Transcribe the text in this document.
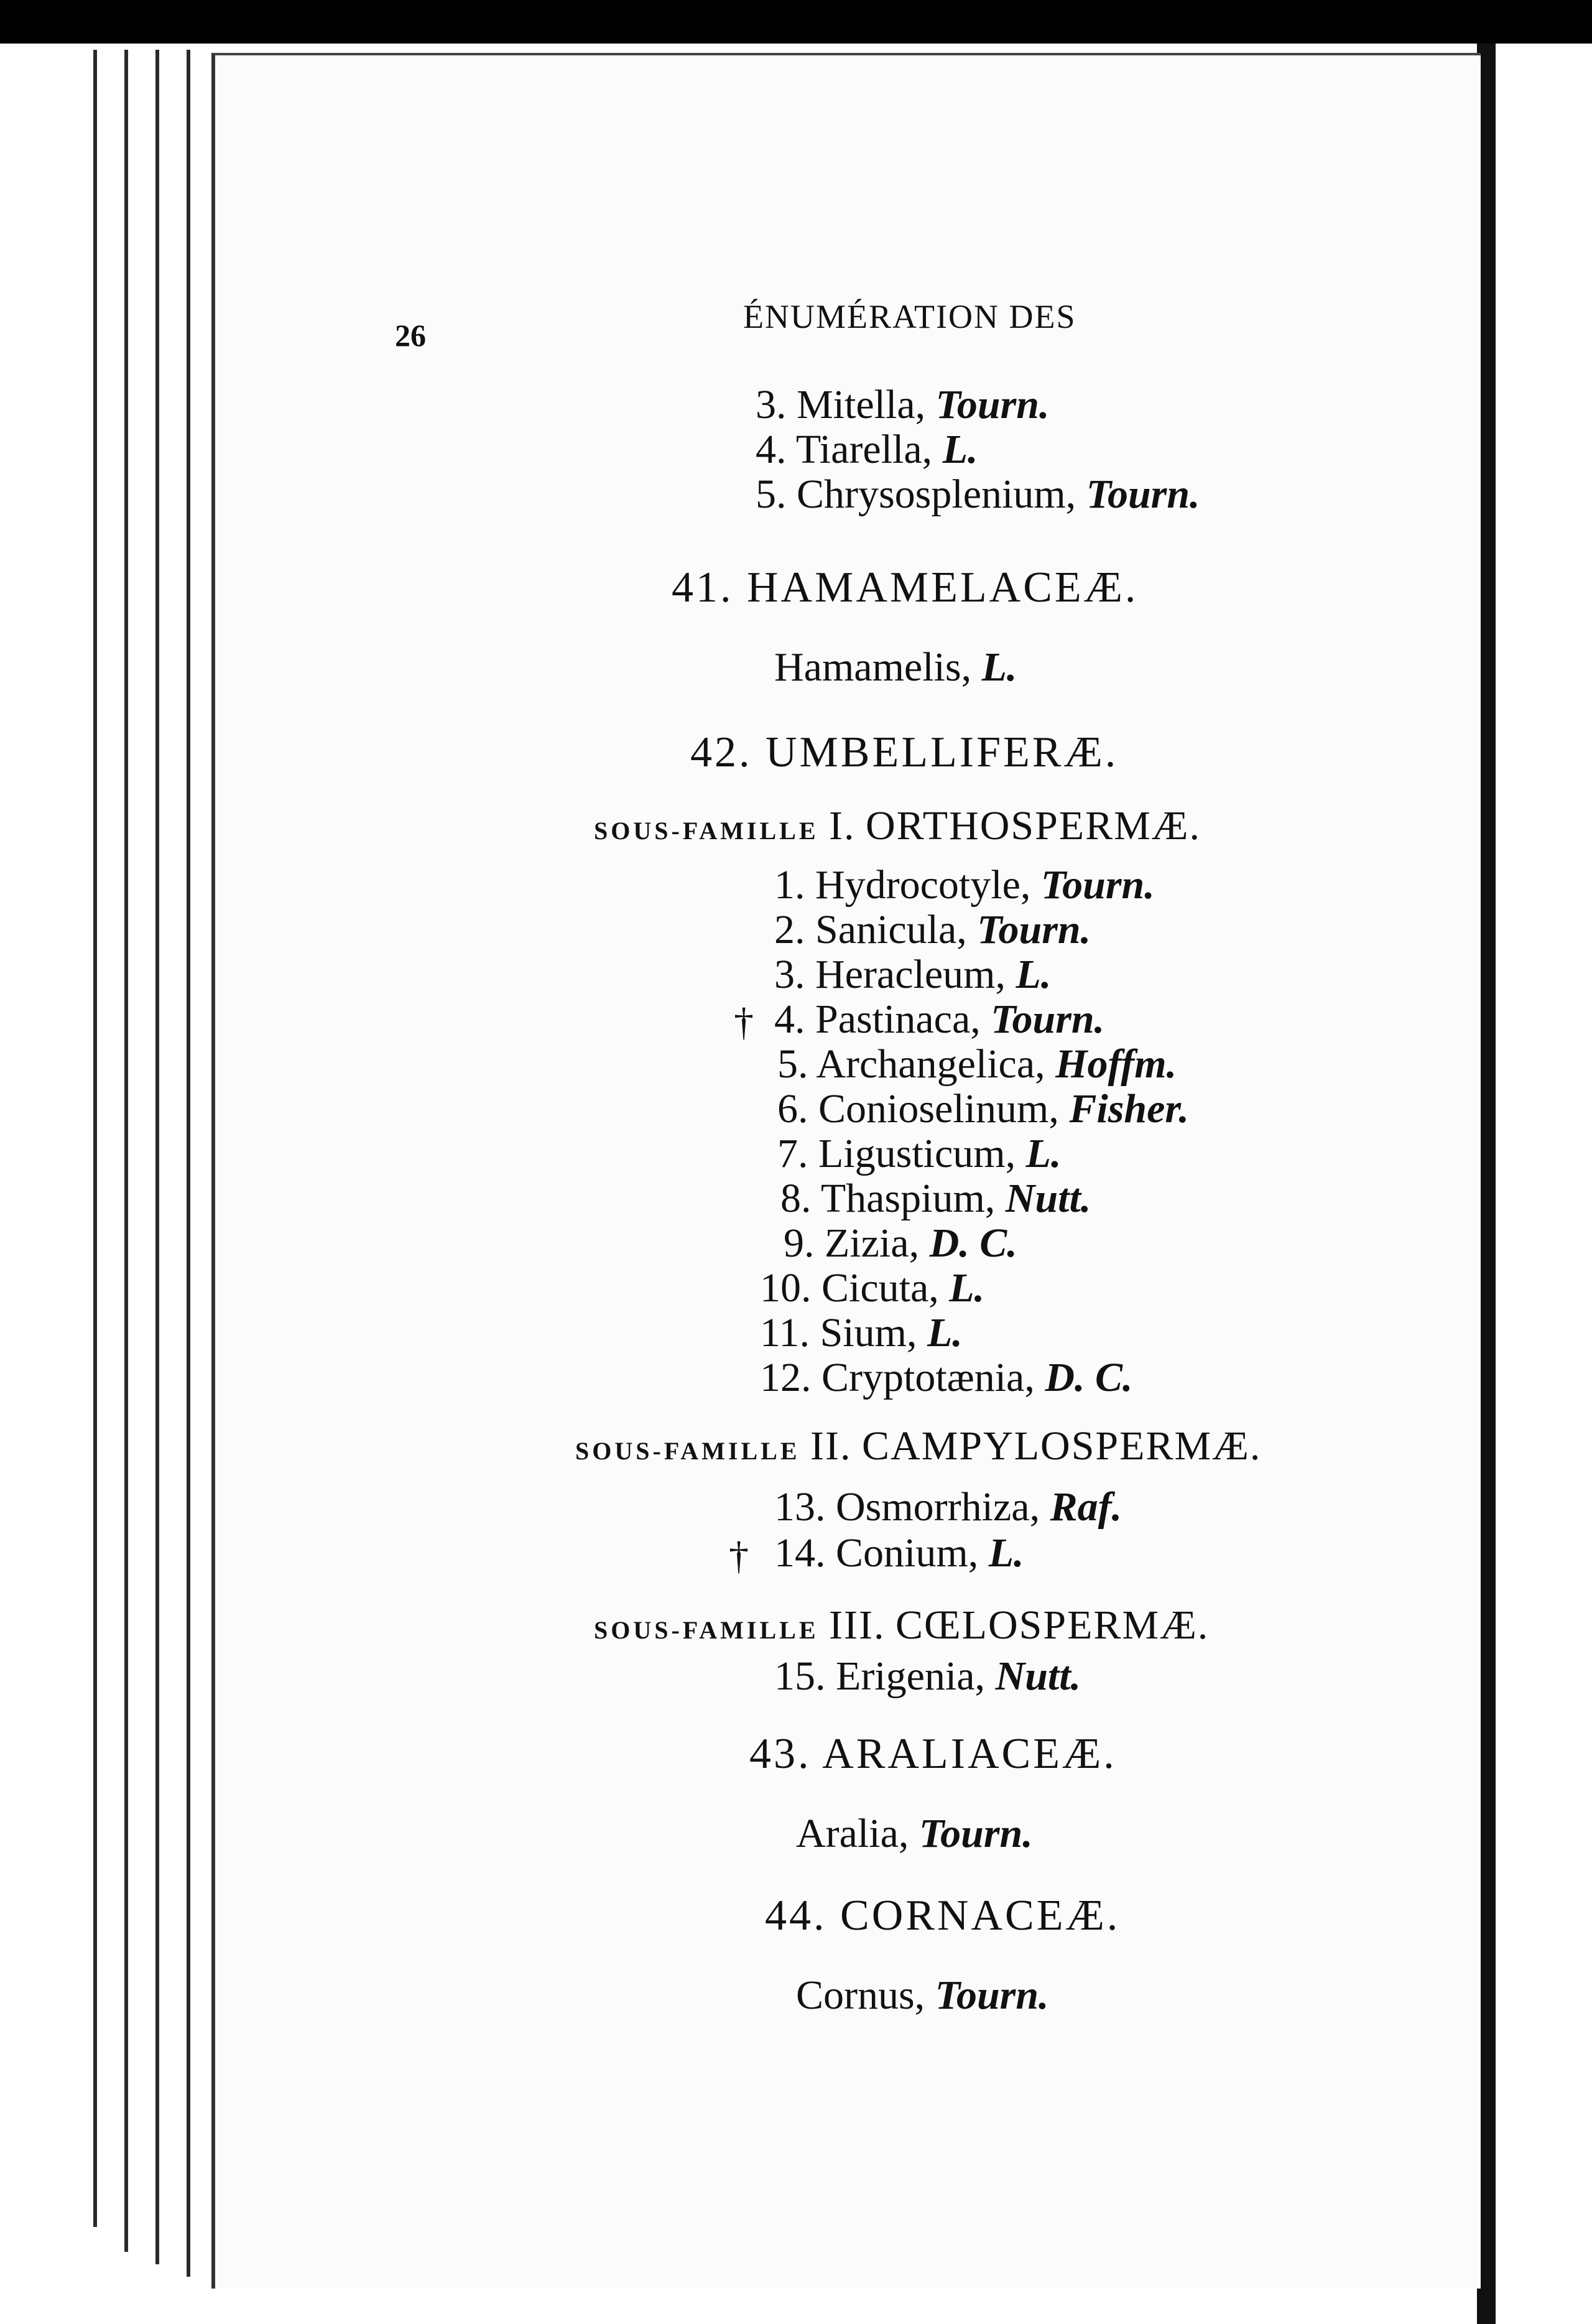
26	ÉNUMÉRATION DES
3. Mitella, Tourn.
4. Tiarella, L.
5. Chrysosplenium, Tourn.
41. HAMAMELACEÆ.
Hamamelis, L.
42. UMBELLIFERÆ.
SOUS-FAMILLE I. ORTHOSPERMÆ.
1. Hydrocotyle, Tourn.
2. Sanicula, Tourn.
3. Heracleum, L.
† 4. Pastinaca, Tourn.
5. Archangelica, Hoffm.
6. Conioselinum, Fisher.
7. Ligusticum, L.
8. Thaspium, Nutt.
9. Zizia, D. C.
10. Cicuta, L.
11. Sium, L.
12. Cryptotænia, D. C.
SOUS-FAMILLE II. CAMPYLOSPERMÆ.
13. Osmorrhiza, Raf.
† 14. Conium, L.
SOUS-FAMILLE III. CŒLOSPERMÆ.
15. Erigenia, Nutt.
43. ARALIACEÆ.
Aralia, Tourn.
44. CORNACEÆ.
Cornus, Tourn.
